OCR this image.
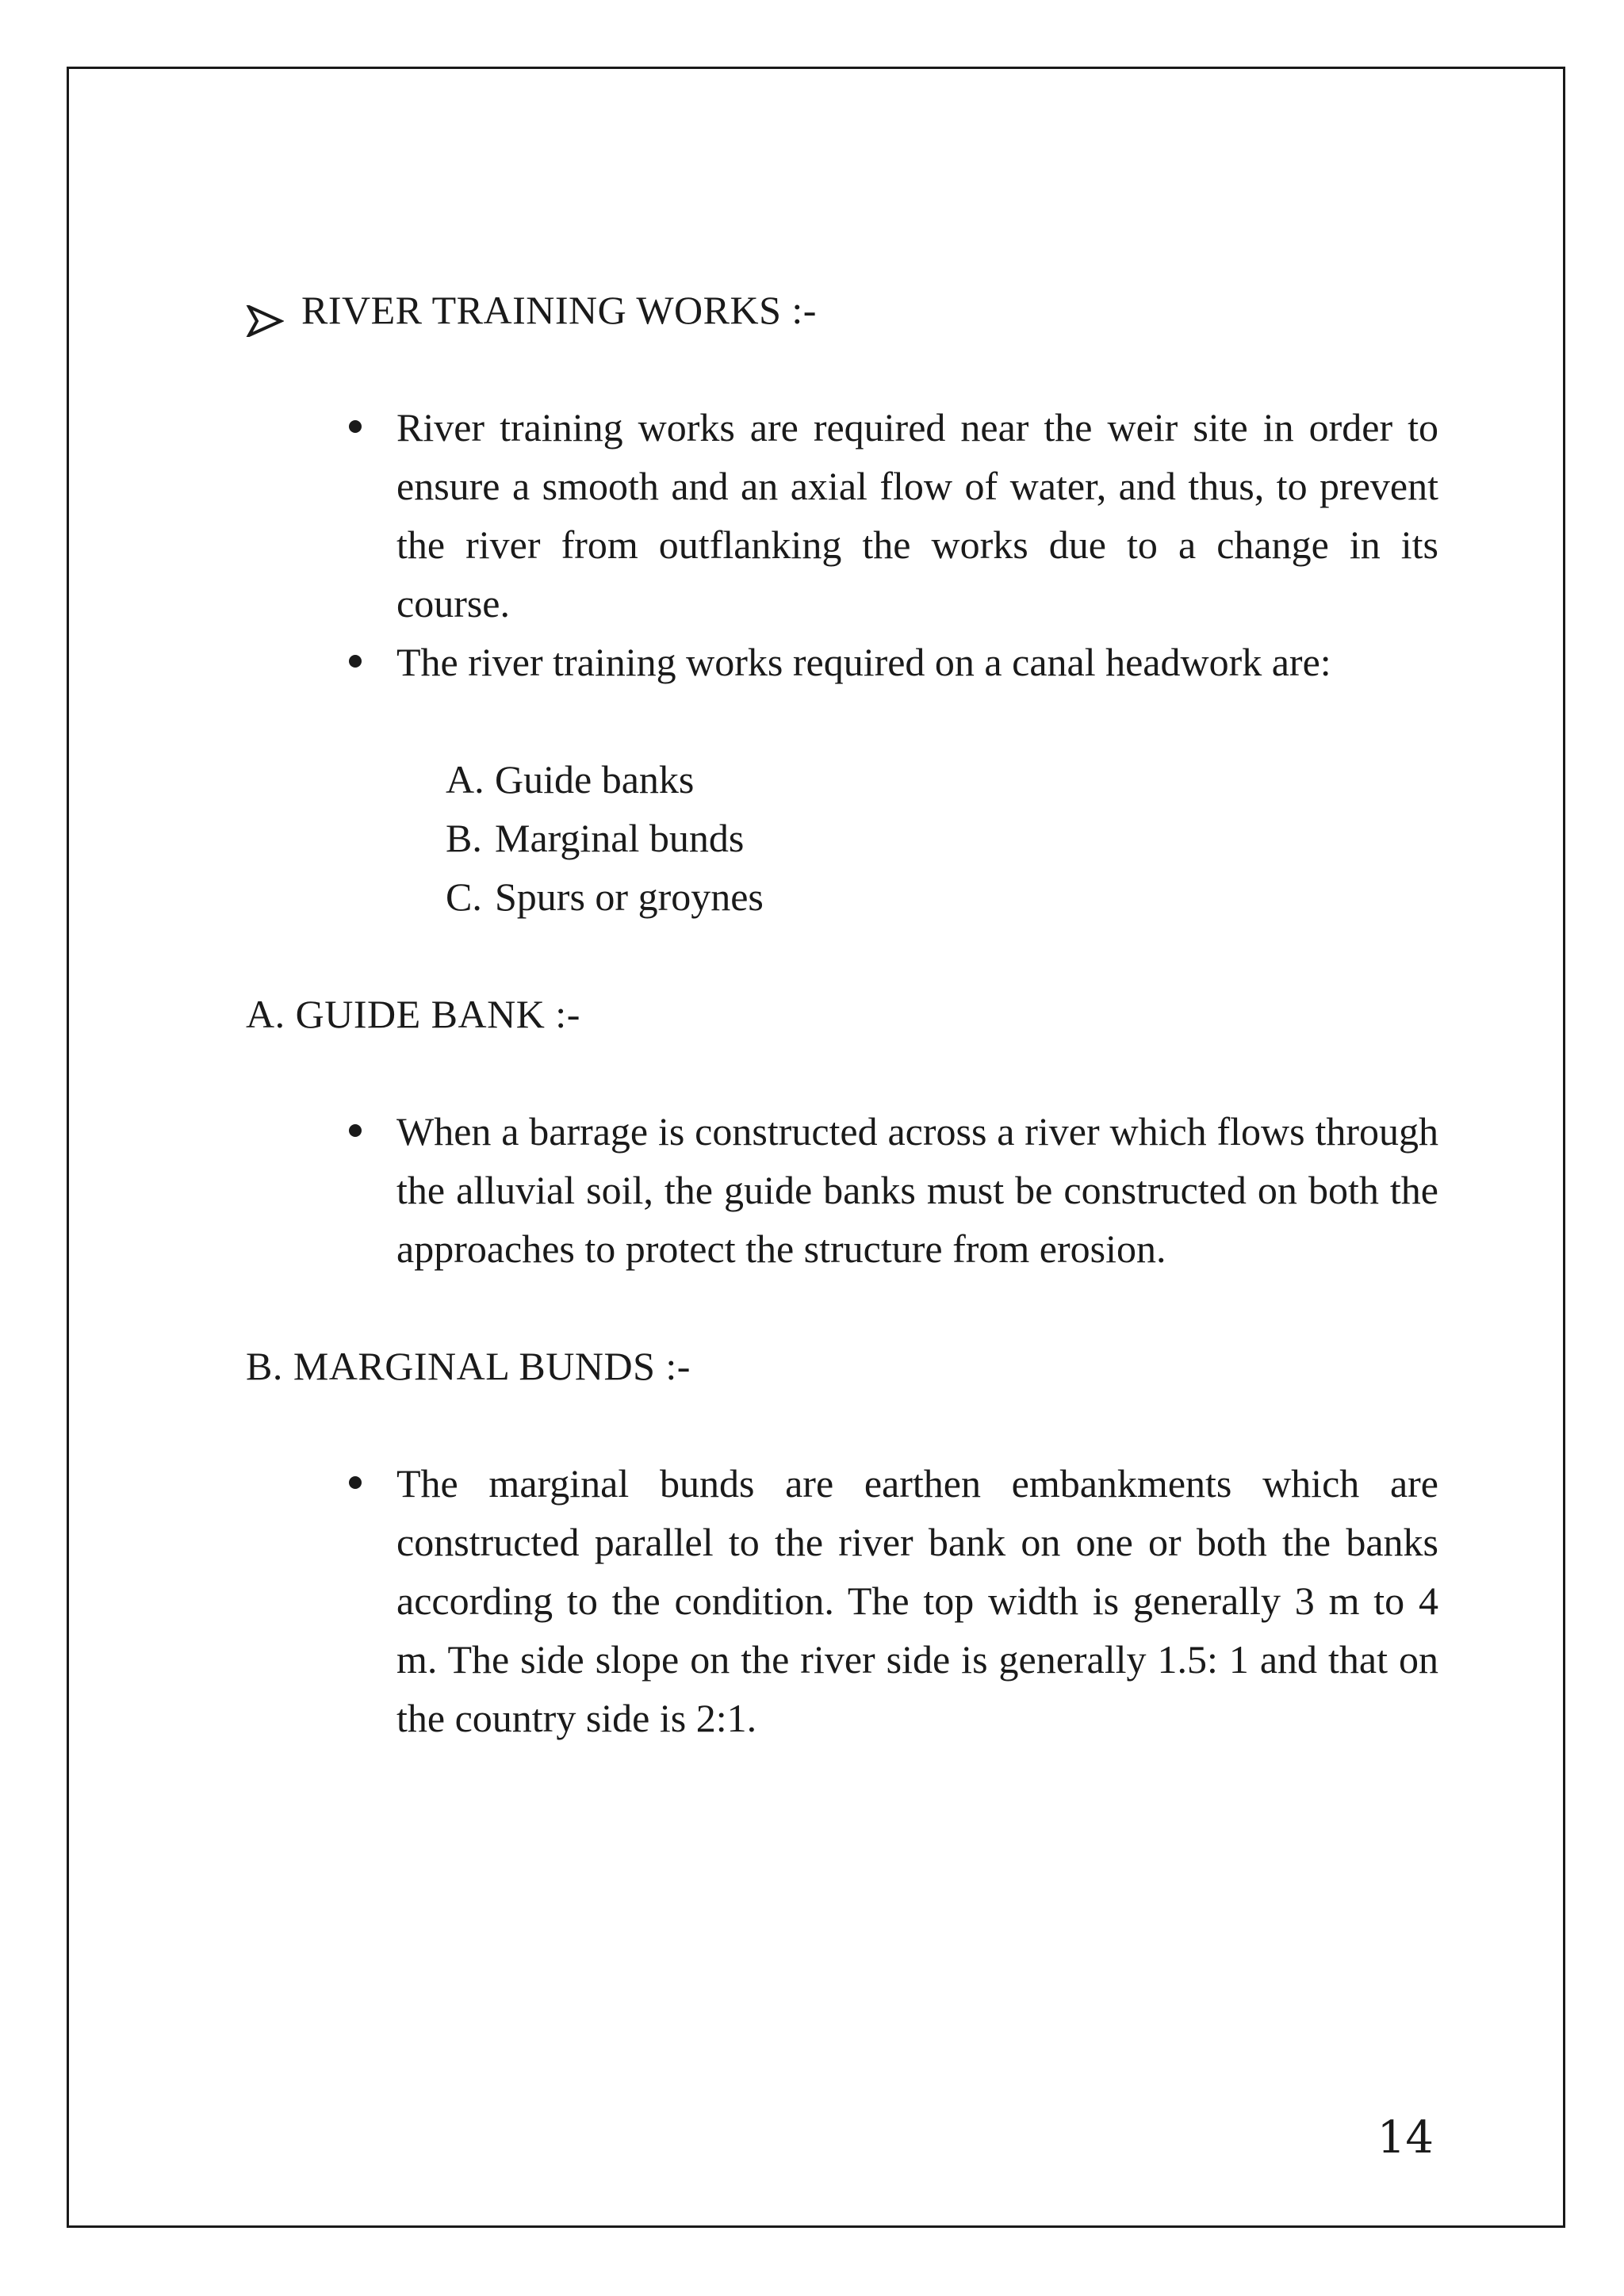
RIVER TRAINING WORKS :-
River training works are required near the weir site in order to ensure a smooth and an axial flow of water, and thus, to prevent the river from outflanking the works due to a change in its course.
The river training works required on a canal headwork are:
A. Guide banks
B. Marginal bunds
C. Spurs or groynes
A. GUIDE BANK :-
When a barrage is constructed across a river which flows through the alluvial soil, the guide banks must be constructed on both the approaches to protect the structure from erosion.
B. MARGINAL BUNDS :-
The marginal bunds are earthen embankments which are constructed parallel to the river bank on one or both the banks according to the condition. The top width is generally 3 m to 4 m. The side slope on the river side is generally 1.5: 1 and that on the country side is 2:1.
14
